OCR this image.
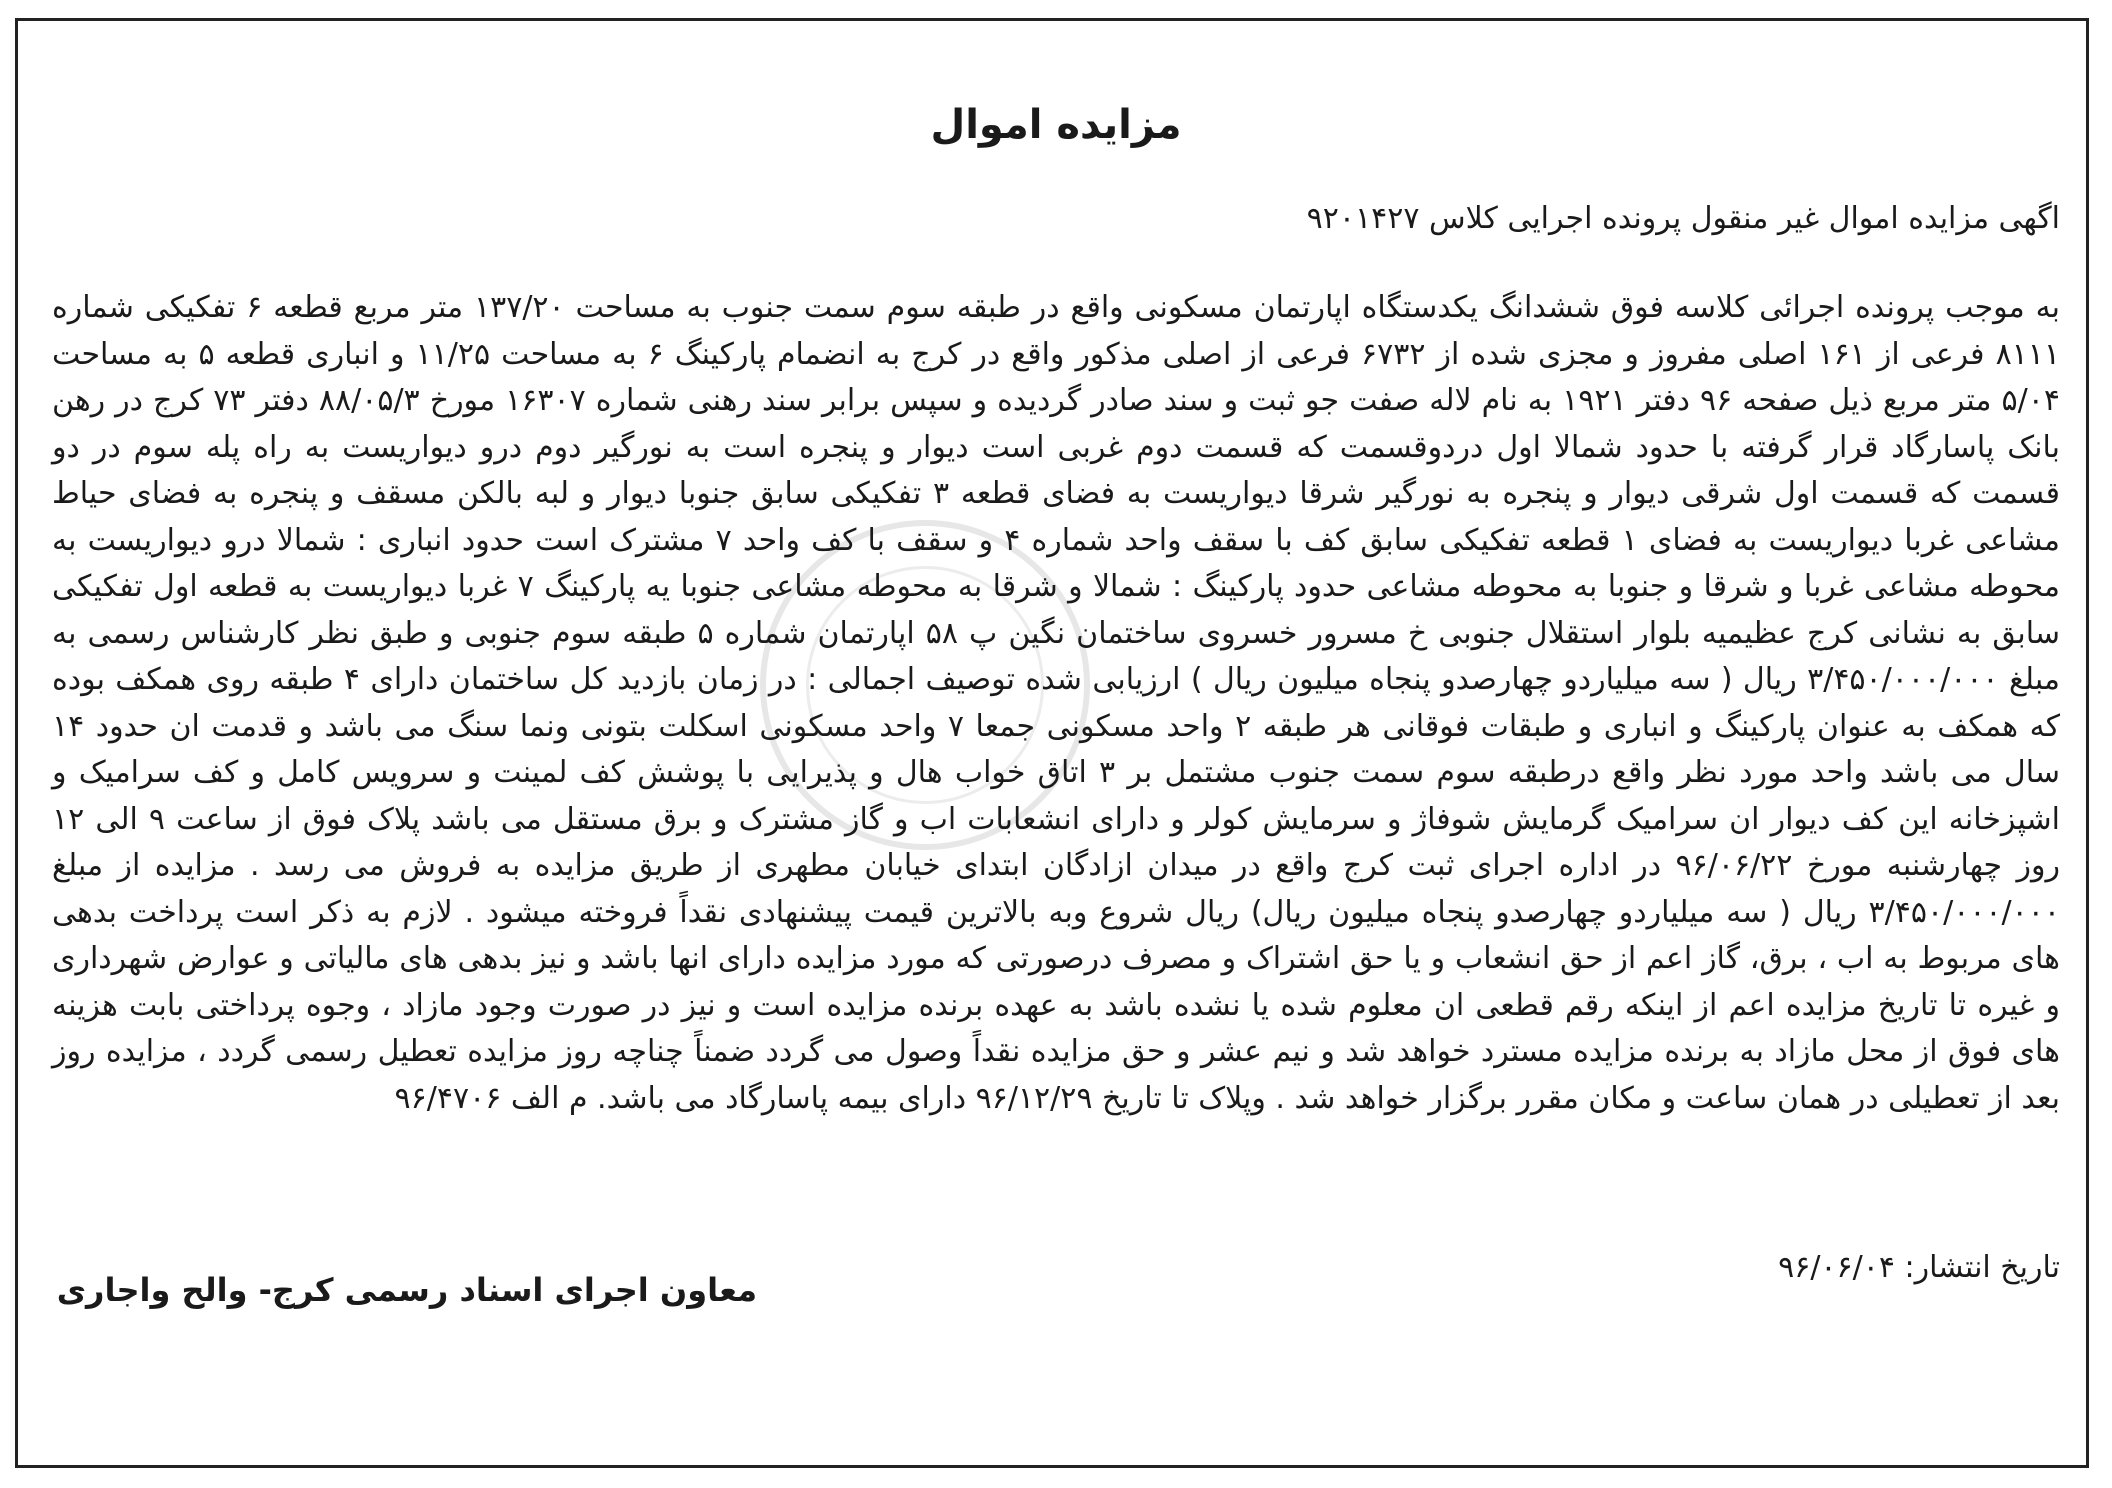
مزایده اموال

اگهی مزایده اموال غیر منقول پرونده اجرایی کلاس ۹۲۰۱۴۲۷

به موجب پرونده اجرائی کلاسه فوق ششدانگ یکدستگاه اپارتمان مسکونی واقع در طبقه سوم سمت جنوب به مساحت ۱۳۷/۲۰ متر مربع قطعه ۶ تفکیکی شماره ۸۱۱۱ فرعی از ۱۶۱ اصلی مفروز و مجزی شده از ۶۷۳۲ فرعی از اصلی مذکور واقع در کرج به انضمام پارکینگ ۶ به مساحت ۱۱/۲۵ و انباری قطعه ۵ به مساحت ۵/۰۴ متر مربع ذیل صفحه ۹۶ دفتر ۱۹۲۱ به نام لاله صفت جو ثبت و سند صادر گردیده و سپس برابر سند رهنی شماره ۱۶۳۰۷ مورخ ۸۸/۰۵/۳ دفتر ۷۳ کرج در رهن بانک پاسارگاد قرار گرفته با حدود شمالا اول دردوقسمت که قسمت دوم غربی است دیوار و پنجره است به نورگیر دوم درو دیواریست به راه پله سوم در دو قسمت که قسمت اول شرقی دیوار و پنجره به نورگیر شرقا دیواریست به فضای قطعه ۳ تفکیکی سابق جنوبا دیوار و لبه بالکن مسقف و پنجره به فضای حیاط مشاعی غربا دیواریست به فضای ۱ قطعه تفکیکی سابق کف با سقف واحد شماره ۴ و سقف با کف واحد ۷ مشترک است حدود انباری : شمالا درو دیواریست به محوطه مشاعی غربا و شرقا و جنوبا به محوطه مشاعی حدود پارکینگ : شمالا و شرقا به محوطه مشاعی جنوبا یه پارکینگ ۷ غربا دیواریست به قطعه اول تفکیکی سابق به نشانی کرج عظیمیه بلوار استقلال جنوبی خ مسرور خسروی ساختمان نگین پ ۵۸ اپارتمان شماره ۵ طبقه سوم جنوبی و طبق نظر کارشناس رسمی به مبلغ ۳/۴۵۰/۰۰۰/۰۰۰ ریال ( سه میلیاردو چهارصدو پنجاه میلیون ریال ) ارزیابی شده توصیف اجمالی : در زمان بازدید کل ساختمان دارای ۴ طبقه روی همکف بوده که همکف به عنوان پارکینگ و انباری و طبقات فوقانی هر طبقه ۲ واحد مسکونی جمعا ۷ واحد مسکونی اسکلت بتونی ونما سنگ می باشد و قدمت ان حدود ۱۴ سال می باشد واحد مورد نظر واقع درطبقه سوم سمت جنوب مشتمل بر ۳ اتاق خواب هال و پذیرایی با پوشش کف لمینت و سرویس کامل و کف سرامیک و اشپزخانه این کف دیوار ان سرامیک گرمایش شوفاژ و سرمایش کولر و دارای انشعابات اب و گاز مشترک و برق مستقل می باشد پلاک فوق از ساعت ۹ الی ۱۲ روز چهارشنبه مورخ ۹۶/۰۶/۲۲ در اداره اجرای ثبت کرج واقع در میدان ازادگان ابتدای خیابان مطهری از طریق مزایده به فروش می رسد . مزایده از مبلغ ۳/۴۵۰/۰۰۰/۰۰۰ ریال ( سه میلیاردو چهارصدو پنجاه میلیون ریال) ریال شروع وبه بالاترین قیمت پیشنهادی نقداً فروخته میشود . لازم به ذکر است پرداخت بدهی های مربوط به اب ، برق، گاز اعم از حق انشعاب و یا حق اشتراک و مصرف درصورتی که مورد مزایده دارای انها باشد و نیز بدهی های مالیاتی و عوارض شهرداری و غیره تا تاریخ مزایده اعم از اینکه رقم قطعی ان معلوم شده یا نشده باشد به عهده برنده مزایده است و نیز در صورت وجود مازاد ، وجوه پرداختی بابت هزینه های فوق از محل مازاد به برنده مزایده مسترد خواهد شد و نیم عشر و حق مزایده نقداً وصول می گردد ضمناً چناچه روز مزایده تعطیل رسمی گردد ، مزایده روز بعد از تعطیلی در همان ساعت و مکان مقرر برگزار خواهد شد . وپلاک تا تاریخ ۹۶/۱۲/۲۹ دارای بیمه پاسارگاد می باشد. م الف ۹۶/۴۷۰۶

تاریخ انتشار: ۹۶/۰۶/۰۴

معاون اجرای اسناد رسمی کرج- والح واجاری
